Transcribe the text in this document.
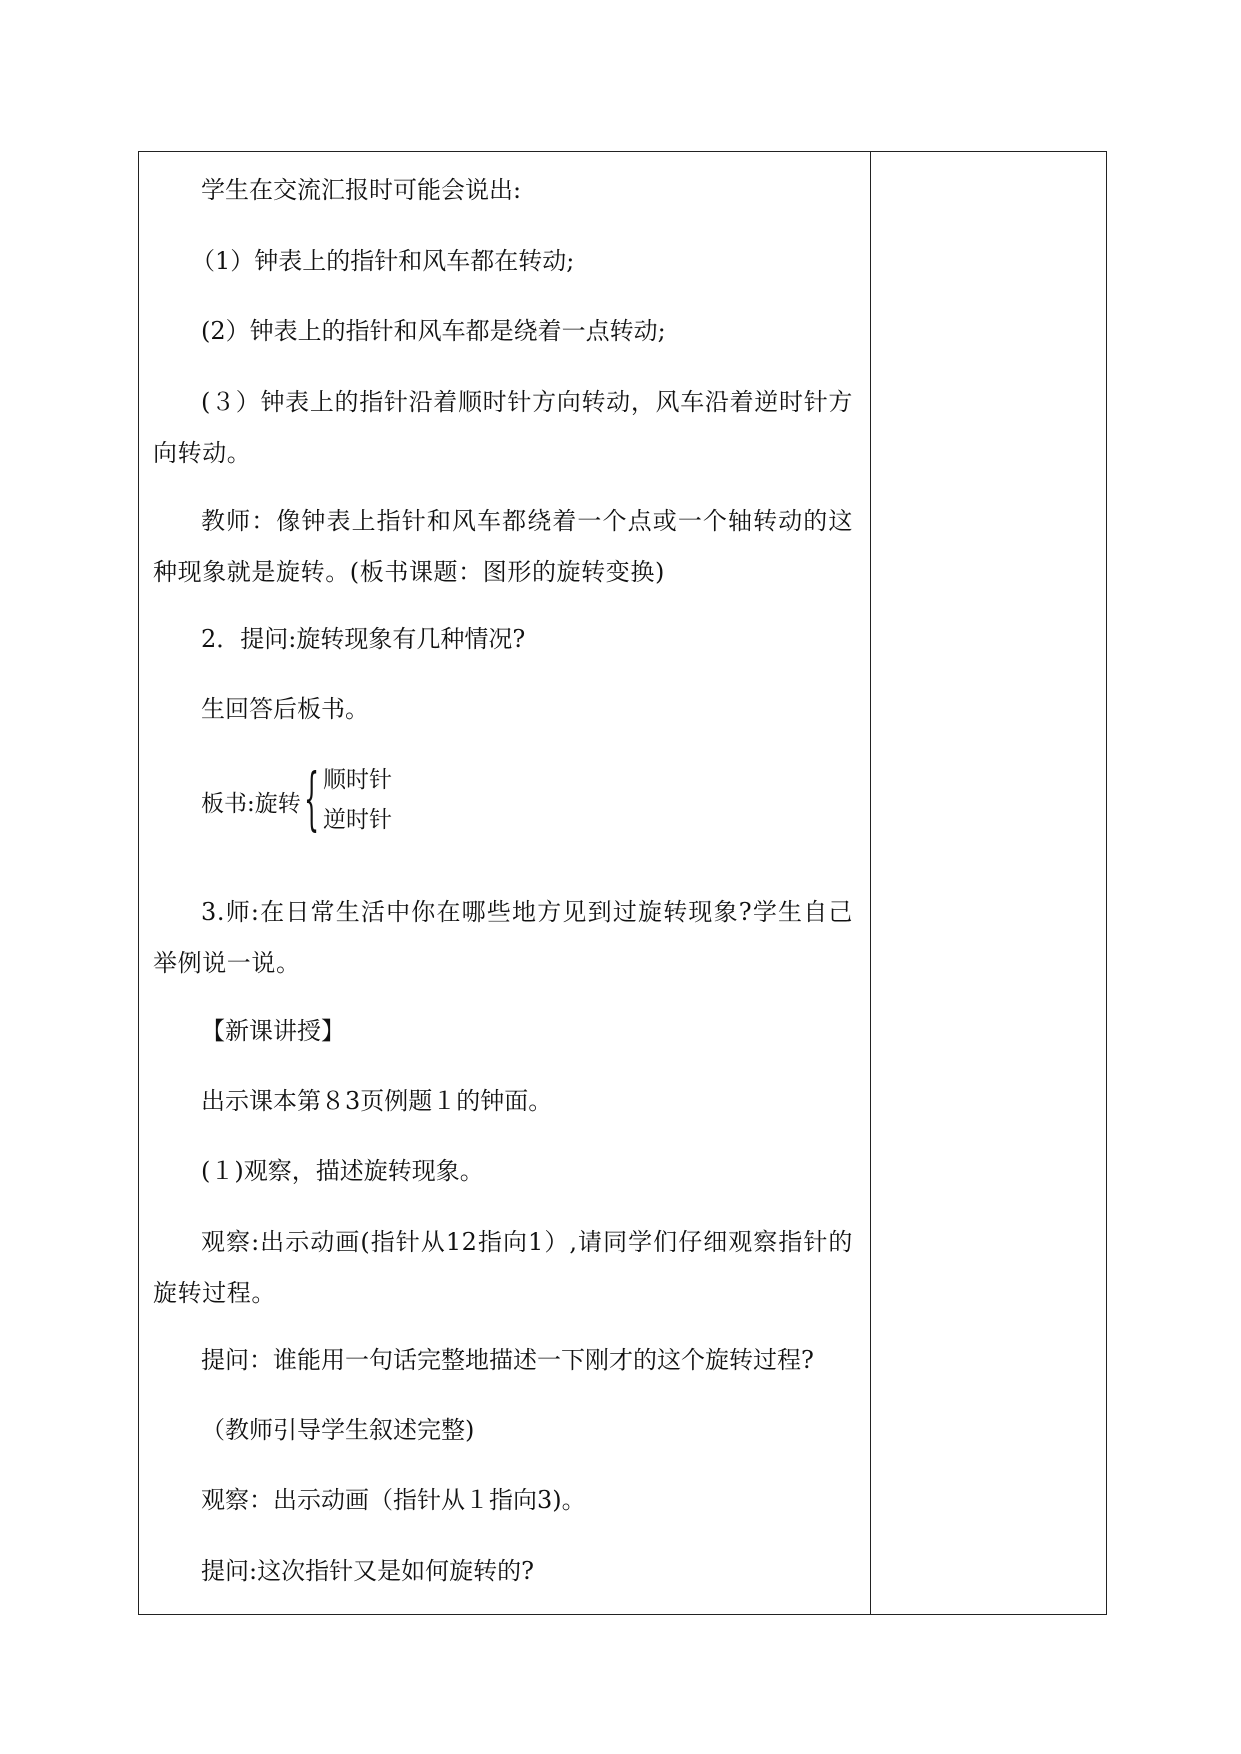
学生在交流汇报时可能会说出:
（1）钟表上的指针和风车都在转动;
(2）钟表上的指针和风车都是绕着一点转动;
(３）钟表上的指针沿着顺时针方向转动，风车沿着逆时针方向转动。
教师：像钟表上指针和风车都绕着一个点或一个轴转动的这种现象就是旋转。(板书课题：图形的旋转变换)
2．提问:旋转现象有几种情况?
生回答后板书。
板书:旋转 { 顺时针
逆时针
3.师:在日常生活中你在哪些地方见到过旋转现象?学生自己举例说一说。
【新课讲授】
出示课本第８3页例题１的钟面。
(１)观察，描述旋转现象。
观察:出示动画(指针从12指向1）,请同学们仔细观察指针的旋转过程。
提问：谁能用一句话完整地描述一下刚才的这个旋转过程?
（教师引导学生叙述完整)
观察：出示动画（指针从１指向3)。
提问:这次指针又是如何旋转的?
